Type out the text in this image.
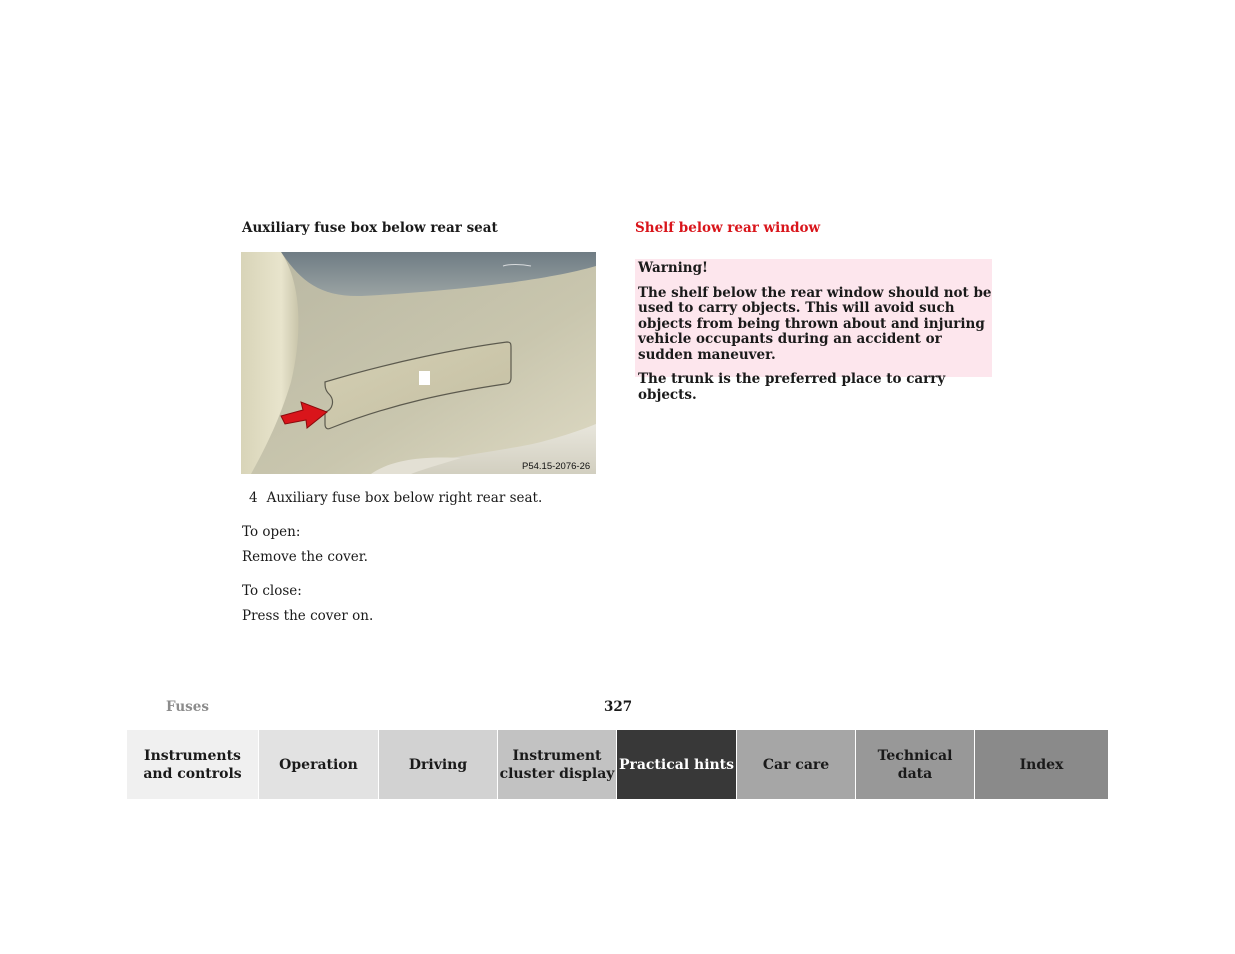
Auxiliary fuse box below rear seat
P54.15-2076-26
4 Auxiliary fuse box below right rear seat.
To open:
Remove the cover.
To close:
Press the cover on.
Shelf below rear window
Warning!

The shelf below the rear window should not be used to carry objects. This will avoid such objects from being thrown about and injuring vehicle occupants during an accident or sudden maneuver.

The trunk is the preferred place to carry objects.

Fuses	327
Instruments
and controls
Operation	Driving
Instrument
cluster display
Practical hints Car care
Technical
data
Index
